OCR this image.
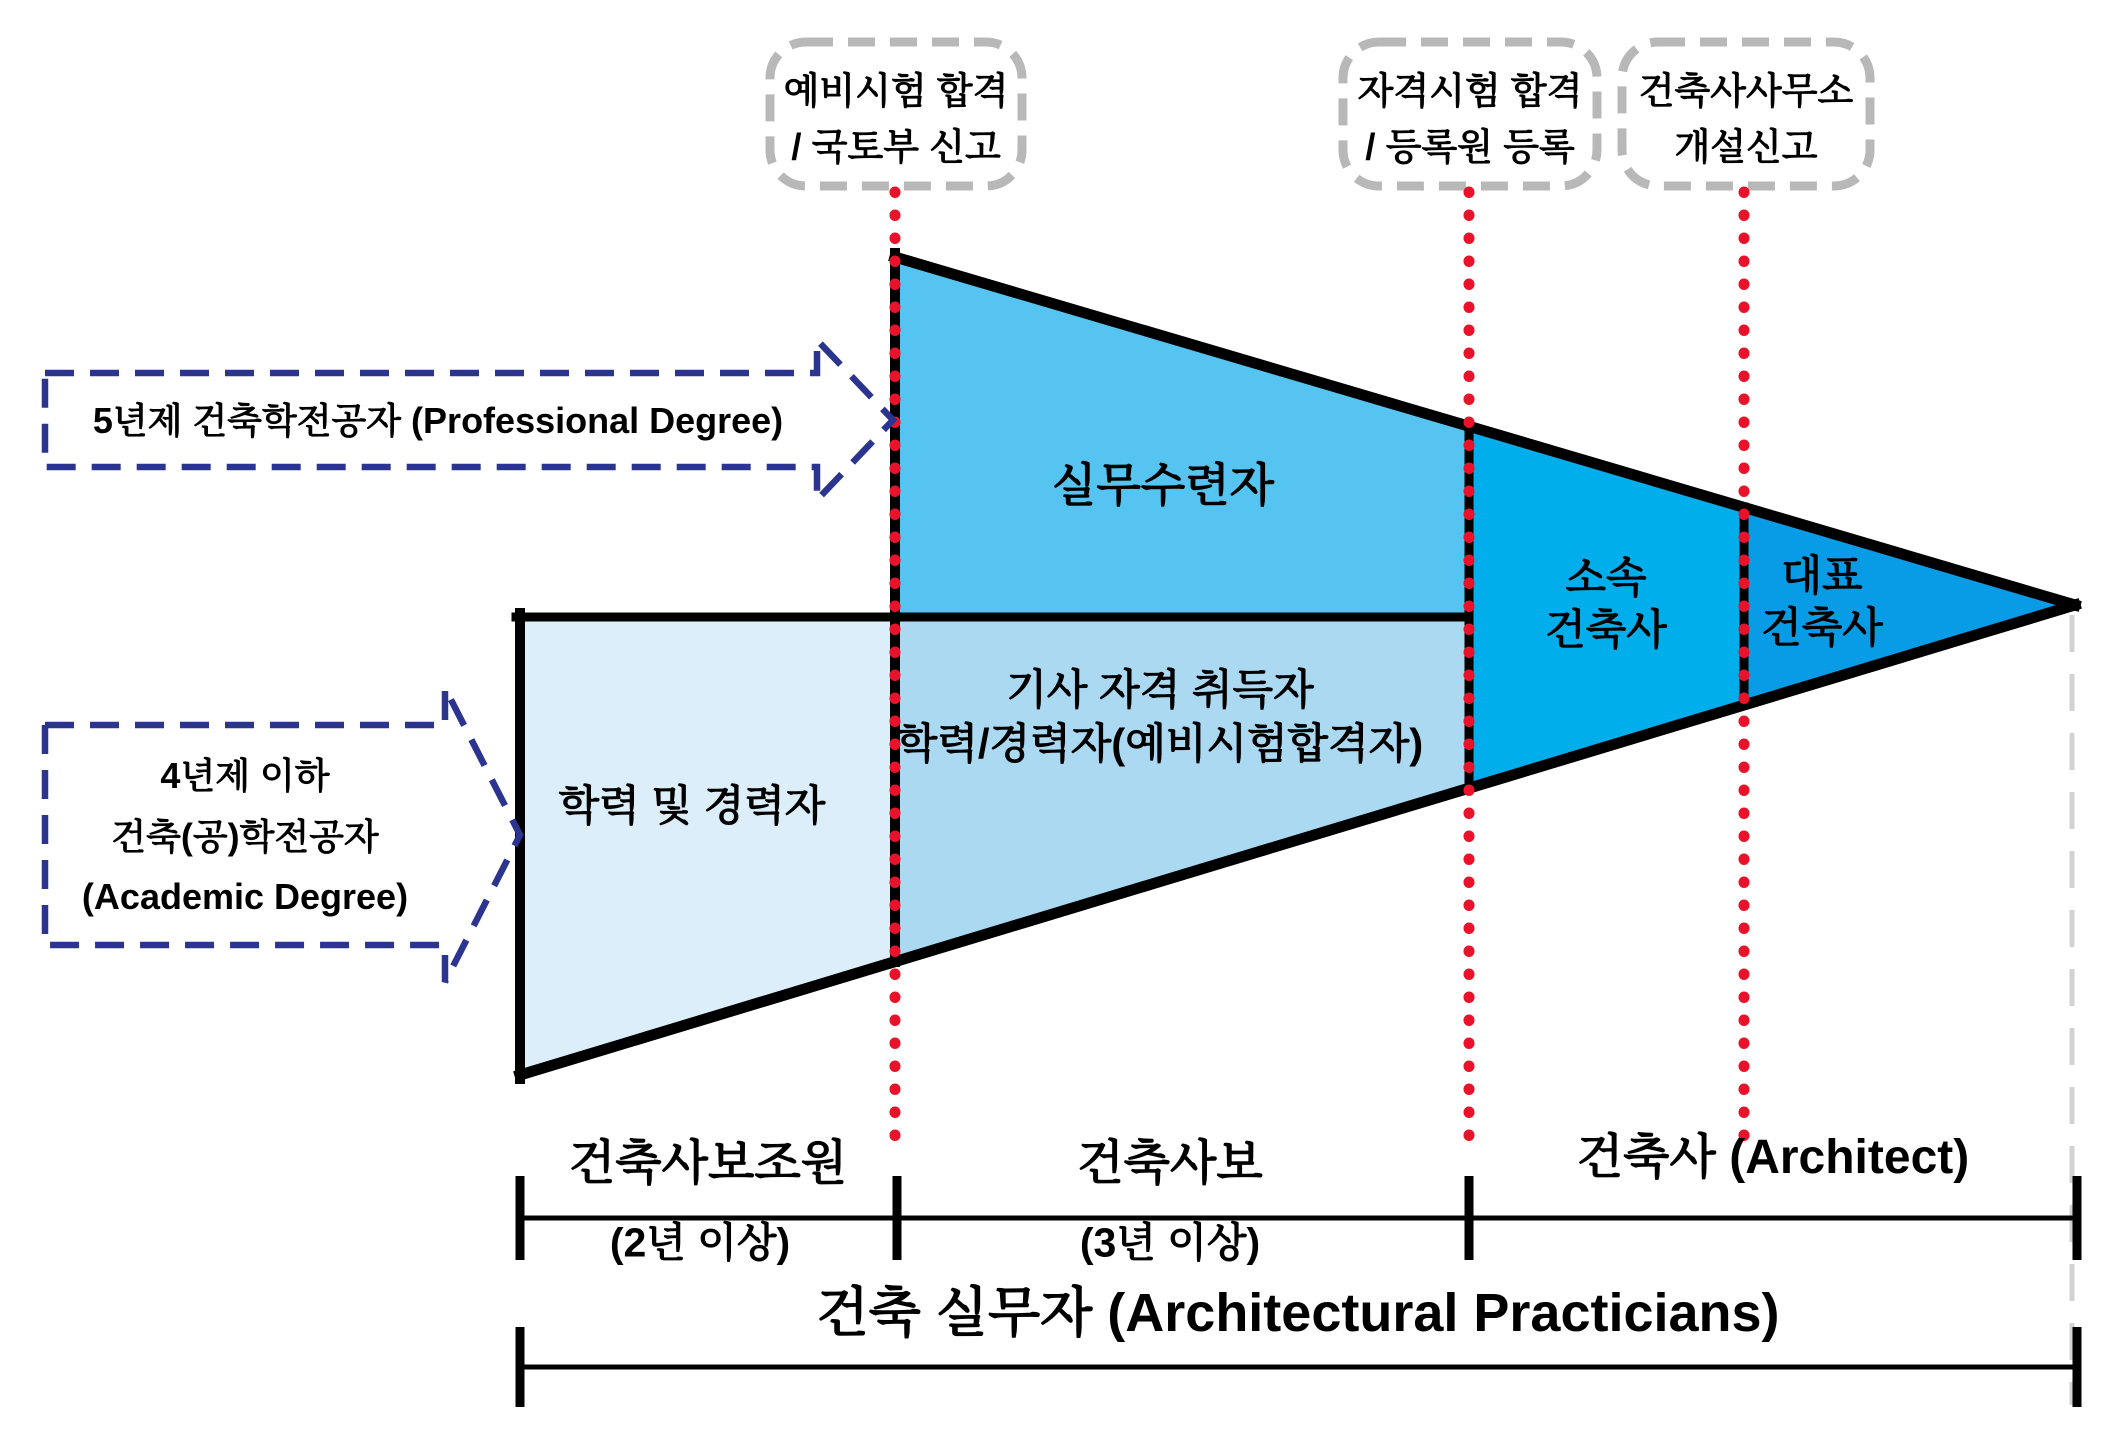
예비시험 합격
/ 국토부 신고
자격시험 합격
/ 등록원 등록
건축사사무소
개설신고
5년제 건축학전공자 (Professional Degree)
4년제 이하
건축(공)학전공자
(Academic Degree)
실무수련자
기사 자격 취득자
학력/경력자(예비시험합격자)
학력 및 경력자
소속
건축사
대표
건축사
건축사보조원	건축사보	건축사 (Architect)
(2년 이상)	(3년 이상)
건축 실무자 (Architectural Practicians)
